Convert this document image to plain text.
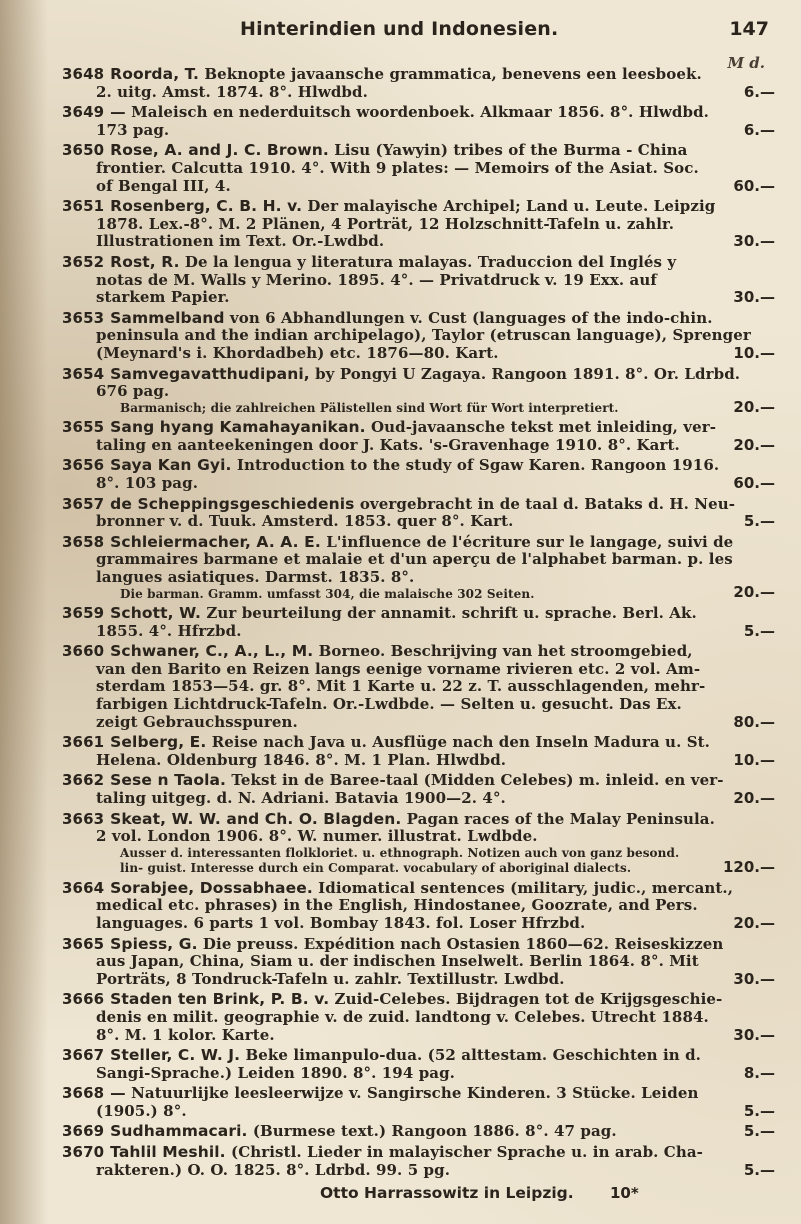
Hinterindien und Indonesien.	147
M d.
3648 Roorda, T. Beknopte javaansche grammatica, benevens een leesboek.
2. uitg. Amst. 1874. 8°. Hlwdbd.	6.—
3649 — Maleisch en nederduitsch woordenboek. Alkmaar 1856. 8°. Hlwdbd.
173 pag.	6.—
3650 Rose, A. and J. C. Brown. Lisu (Yawyin) tribes of the Burma - China
frontier. Calcutta 1910. 4°. With 9 plates: — Memoirs of the Asiat. Soc.
of Bengal III, 4.	60.—
3651 Rosenberg, C. B. H. v. Der malayische Archipel; Land u. Leute. Leipzig
1878. Lex.-8°. M. 2 Plänen, 4 Porträt, 12 Holzschnitt-Tafeln u. zahlr.
Illustrationen im Text. Or.-Lwdbd.	30.—
3652 Rost, R. De la lengua y literatura malayas. Traduccion del Inglés y
notas de M. Walls y Merino. 1895. 4°. — Privatdruck v. 19 Exx. auf
starkem Papier.	30.—
3653 Sammelband von 6 Abhandlungen v. Cust (languages of the indo-chin.
peninsula and the indian archipelago), Taylor (etruscan language), Sprenger
(Meynard's i. Khordadbeh) etc. 1876—80. Kart.	10.—
3654 Samvegavatthudipani, by Pongyi U Zagaya. Rangoon 1891. 8°. Or. Ldrbd.
676 pag.
Barmanisch; die zahlreichen Pälistellen sind Wort für Wort interpretiert.	20.—
3655 Sang hyang Kamahayanikan. Oud-javaansche tekst met inleiding, ver-
taling en aanteekeningen door J. Kats. 's-Gravenhage 1910. 8°. Kart.	20.—
3656 Saya Kan Gyi. Introduction to the study of Sgaw Karen. Rangoon 1916.
8°. 103 pag.	60.—
3657 de Scheppingsgeschiedenis overgebracht in de taal d. Bataks d. H. Neu-
bronner v. d. Tuuk. Amsterd. 1853. quer 8°. Kart.	5.—
3658 Schleiermacher, A. A. E. L'influence de l'écriture sur le langage, suivi de
grammaires barmane et malaie et d'un aperçu de l'alphabet barman. p. les
langues asiatiques. Darmst. 1835. 8°.
Die barman. Gramm. umfasst 304, die malaische 302 Seiten.	20.—
3659 Schott, W. Zur beurteilung der annamit. schrift u. sprache. Berl. Ak.
1855. 4°. Hfrzbd.	5.—
3660 Schwaner, C., A., L., M. Borneo. Beschrijving van het stroomgebied,
van den Barito en Reizen langs eenige vorname rivieren etc. 2 vol. Am-
sterdam 1853—54. gr. 8°. Mit 1 Karte u. 22 z. T. ausschlagenden, mehr-
farbigen Lichtdruck-Tafeln. Or.-Lwdbde. — Selten u. gesucht. Das Ex.
zeigt Gebrauchsspuren.	80.—
3661 Selberg, E. Reise nach Java u. Ausflüge nach den Inseln Madura u. St.
Helena. Oldenburg 1846. 8°. M. 1 Plan. Hlwdbd.	10.—
3662 Sese n Taola. Tekst in de Baree-taal (Midden Celebes) m. inleid. en ver-
taling uitgeg. d. N. Adriani. Batavia 1900—2. 4°.	20.—
3663 Skeat, W. W. and Ch. O. Blagden. Pagan races of the Malay Peninsula.
2 vol. London 1906. 8°. W. numer. illustrat. Lwdbde.
Ausser d. interessanten flolkloriet. u. ethnograph. Notizen auch von ganz besond. lin- guist. Interesse durch ein Comparat. vocabulary of aboriginal dialects.	120.—
3664 Sorabjee, Dossabhaee. Idiomatical sentences (military, judic., mercant.,
medical etc. phrases) in the English, Hindostanee, Goozrate, and Pers.
languages. 6 parts 1 vol. Bombay 1843. fol. Loser Hfrzbd.	20.—
3665 Spiess, G. Die preuss. Expédition nach Ostasien 1860—62. Reiseskizzen
aus Japan, China, Siam u. der indischen Inselwelt. Berlin 1864. 8°. Mit
Porträts, 8 Tondruck-Tafeln u. zahlr. Textillustr. Lwdbd.	30.—
3666 Staden ten Brink, P. B. v. Zuid-Celebes. Bijdragen tot de Krijgsgeschie-
denis en milit. geographie v. de zuid. landtong v. Celebes. Utrecht 1884.
8°. M. 1 kolor. Karte.	30.—
3667 Steller, C. W. J. Beke limanpulo-dua. (52 alttestam. Geschichten in d.
Sangi-Sprache.) Leiden 1890. 8°. 194 pag.	8.—
3668 — Natuurlijke leesleerwijze v. Sangirsche Kinderen. 3 Stücke. Leiden
(1905.) 8°.	5.—
3669 Sudhammacari. (Burmese text.) Rangoon 1886. 8°. 47 pag.	5.—
3670 Tahlil Meshil. (Christl. Lieder in malayischer Sprache u. in arab. Cha-
rakteren.) O. O. 1825. 8°. Ldrbd. 99. 5 pg.	5.—
Otto Harrassowitz in Leipzig. 10*
